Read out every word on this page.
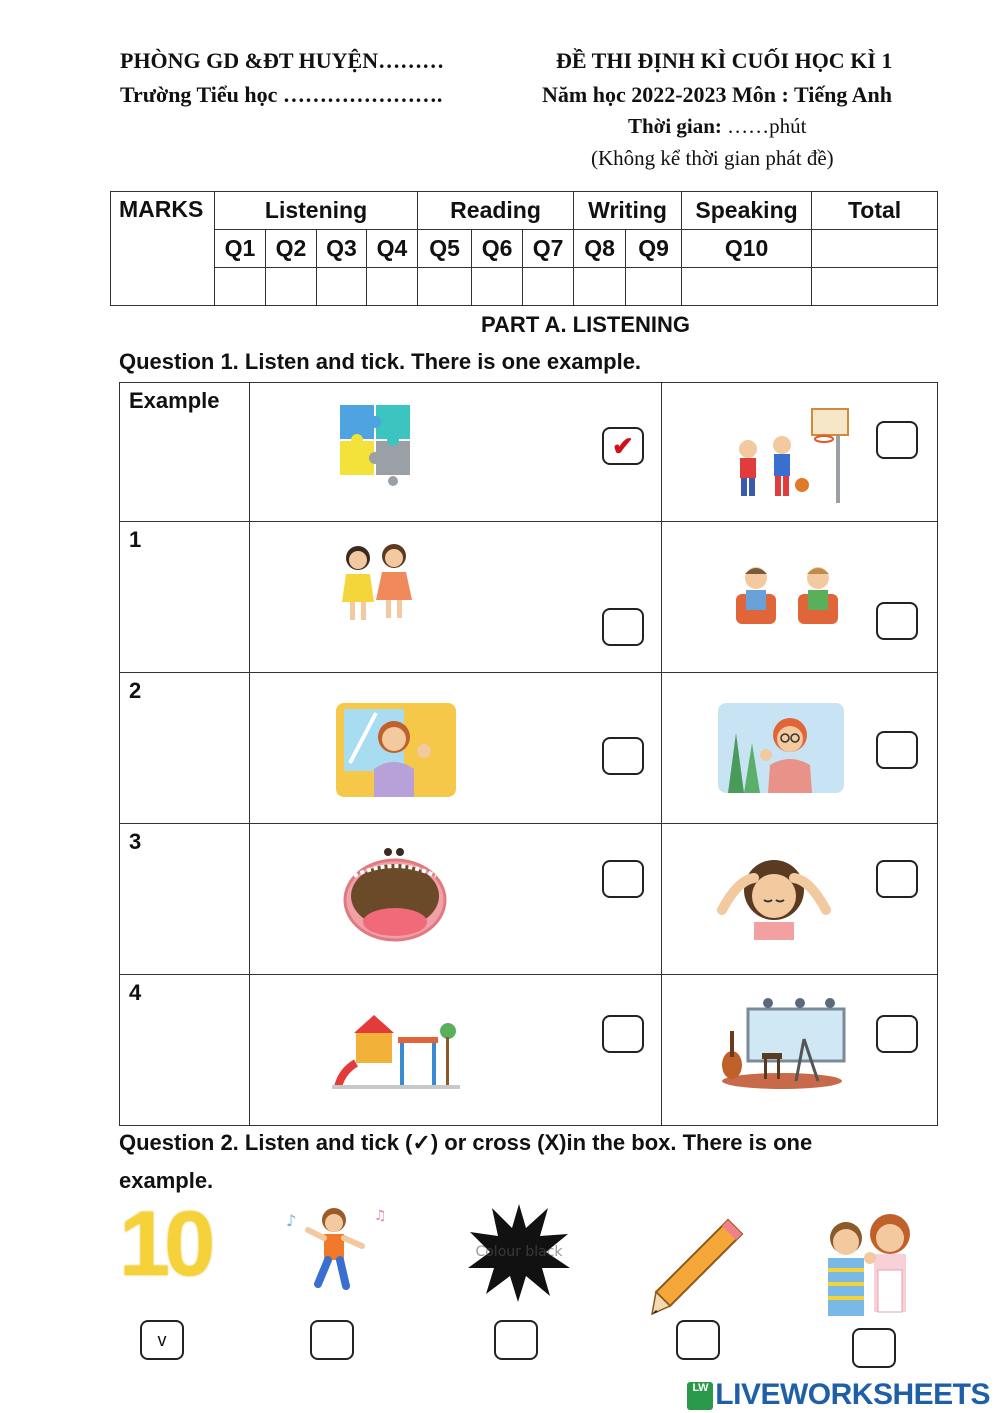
PHÒNG GD &ĐT HUYỆN………
Trường Tiểu học ………………….
ĐỀ THI ĐỊNH KÌ CUỐI HỌC KÌ 1
Năm học 2022-2023 Môn : Tiếng Anh
Thời gian: ……phút
(Không kể thời gian phát đề)
MARKS	Listening				Reading			Writing		Speaking	Total
	Q1	Q2	Q3	Q4	Q5	Q6	Q7	Q8	Q9	Q10	

PART A. LISTENING
Question 1. Listen and tick. There is one example.
Example	✔

1

2

3

4

Question 2. Listen and tick (✓) or cross (X)in the box. There is one
example.
10	♪	♫
Colour black
v
LW LIVEWORKSHEETS
